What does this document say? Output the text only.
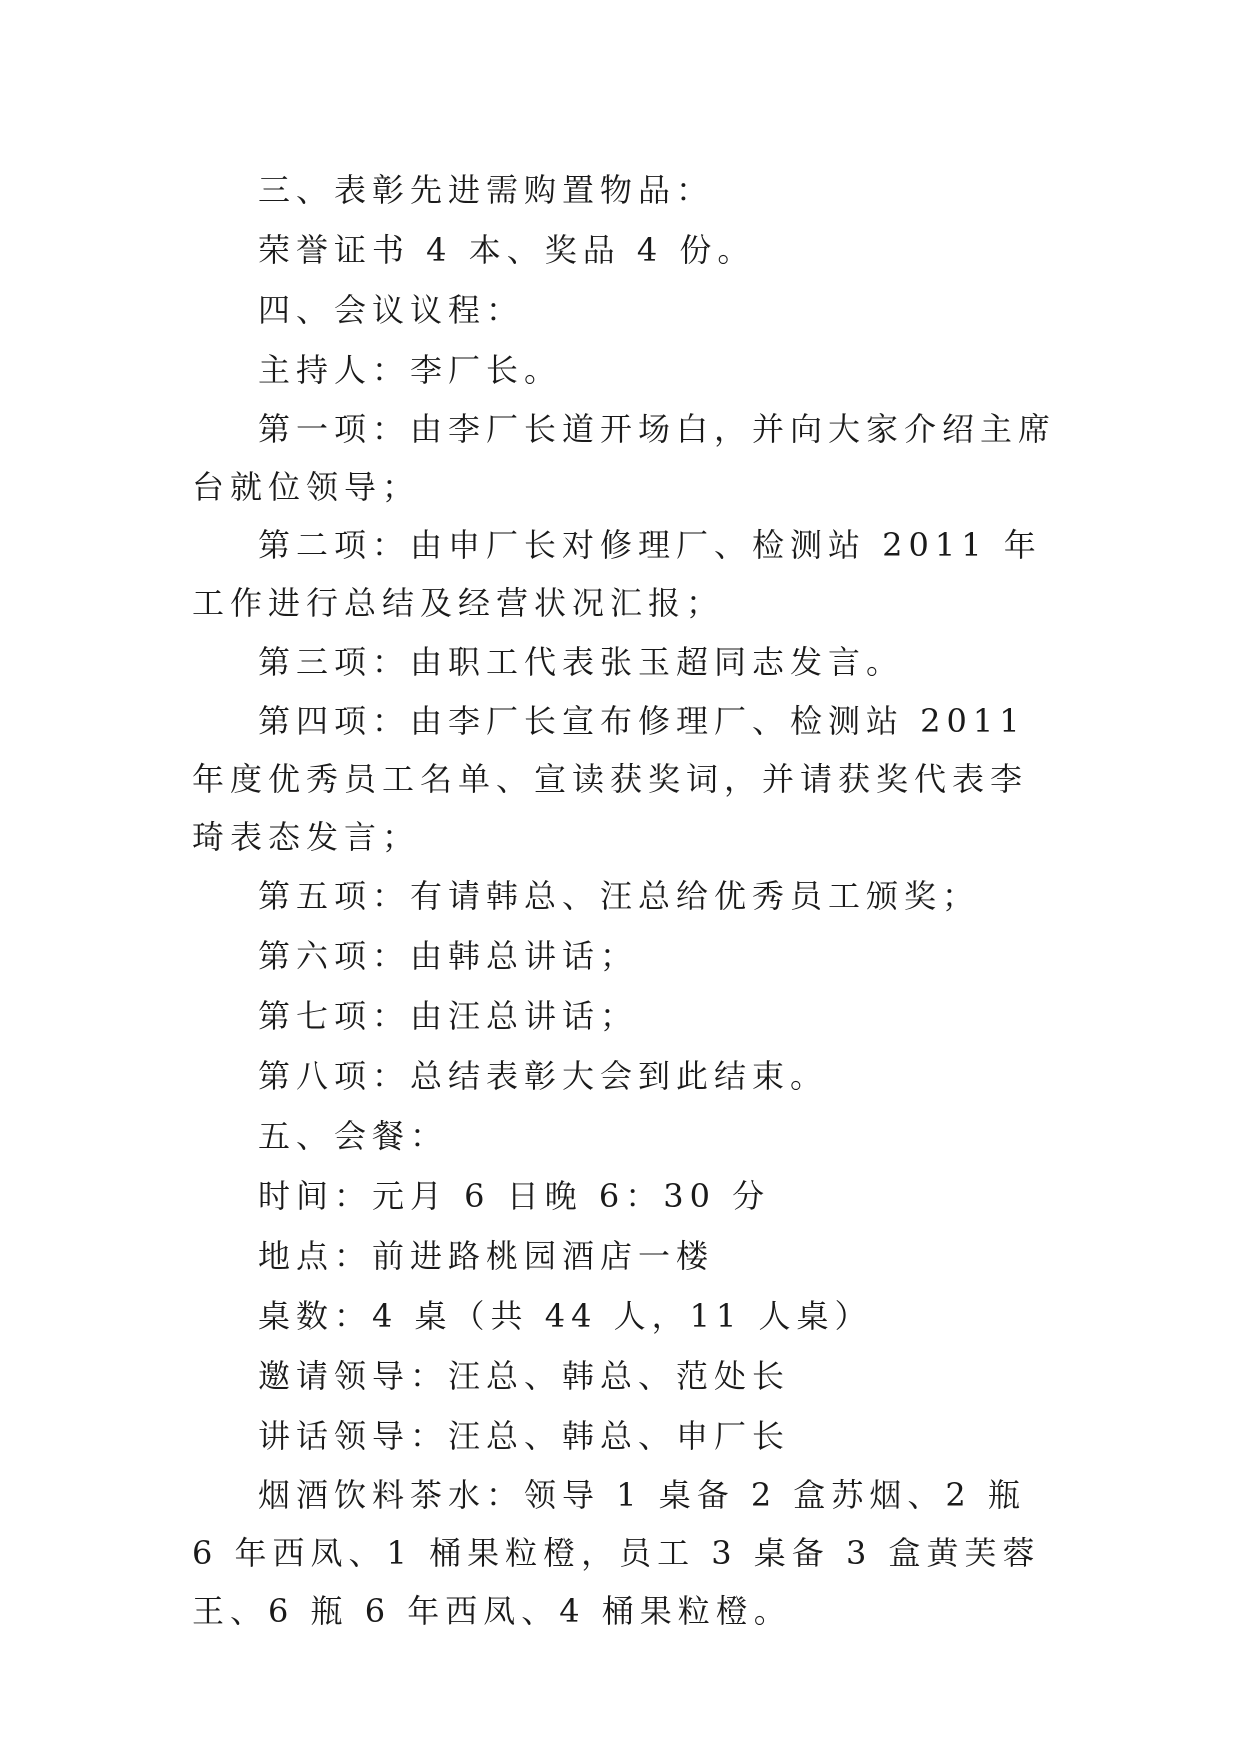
三、表彰先进需购置物品：

荣誉证书 4 本、奖品 4 份。

四、会议议程：

主持人：李厂长。

第一项：由李厂长道开场白，并向大家介绍主席台就位领导；

第二项：由申厂长对修理厂、检测站 2011 年工作进行总结及经营状况汇报；

第三项：由职工代表张玉超同志发言。

第四项：由李厂长宣布修理厂、检测站 2011 年度优秀员工名单、宣读获奖词，并请获奖代表李琦表态发言；

第五项：有请韩总、汪总给优秀员工颁奖；

第六项：由韩总讲话；

第七项：由汪总讲话；

第八项：总结表彰大会到此结束。

五、会餐：

时间：元月 6 日晚 6：30 分

地点：前进路桃园酒店一楼

桌数：4 桌（共 44 人，11 人桌）

邀请领导：汪总、韩总、范处长

讲话领导：汪总、韩总、申厂长

烟酒饮料茶水：领导 1 桌备 2 盒苏烟、2 瓶 6 年西凤、1 桶果粒橙，员工 3 桌备 3 盒黄芙蓉王、6 瓶 6 年西凤、4 桶果粒橙。
